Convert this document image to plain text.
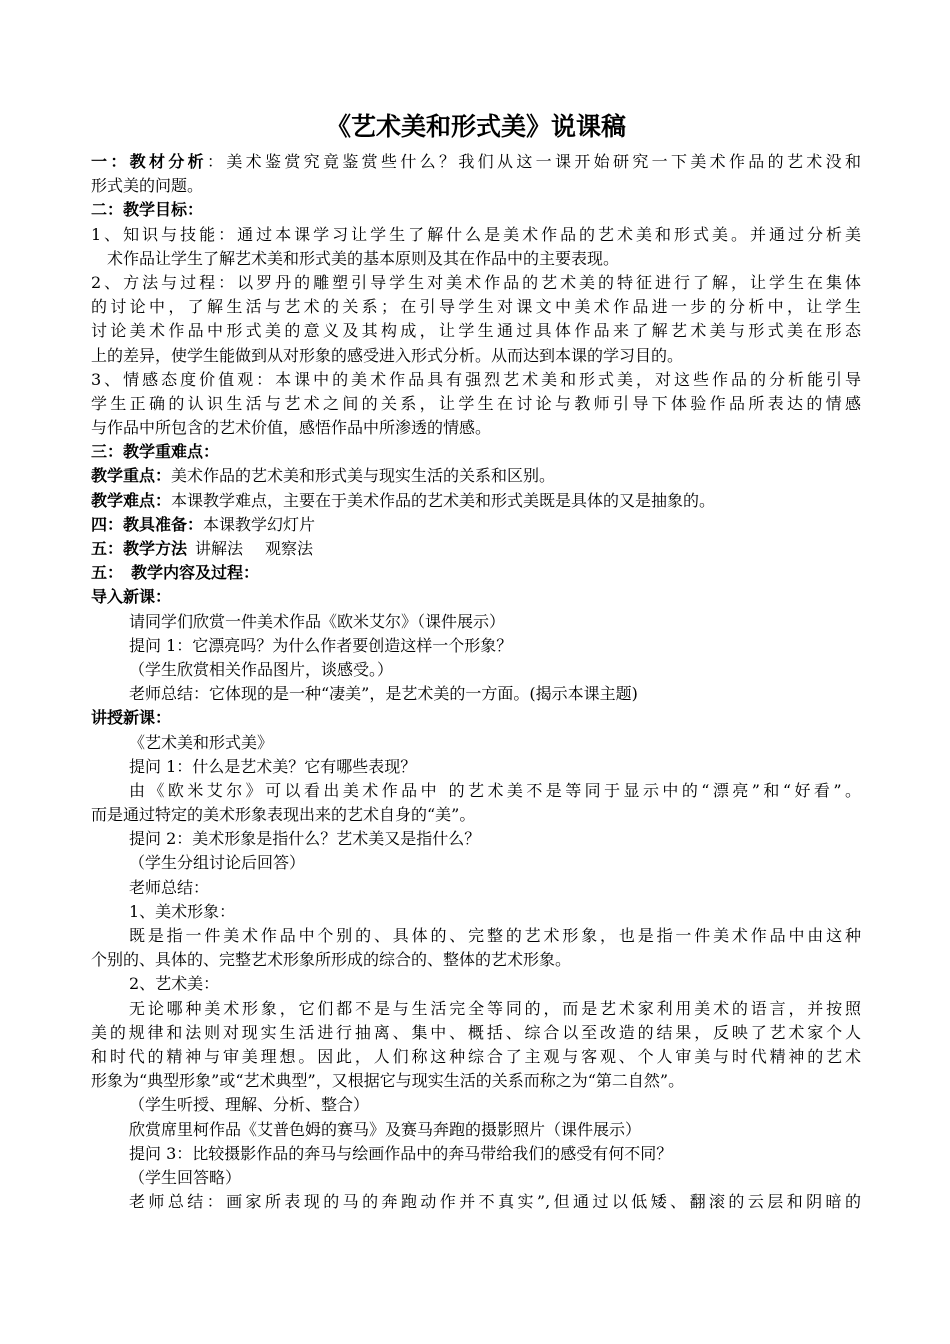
《艺术美和形式美》说课稿
一：教材分析：美术鉴赏究竟鉴赏些什么？我们从这一课开始研究一下美术作品的艺术没和
形式美的问题。
二：教学目标：
1、知识与技能：通过本课学习让学生了解什么是美术作品的艺术美和形式美。并通过分析美
术作品让学生了解艺术美和形式美的基本原则及其在作品中的主要表现。
2、方法与过程：以罗丹的雕塑引导学生对美术作品的艺术美的特征进行了解，让学生在集体
的讨论中，了解生活与艺术的关系；在引导学生对课文中美术作品进一步的分析中，让学生
讨论美术作品中形式美的意义及其构成，让学生通过具体作品来了解艺术美与形式美在形态
上的差异，使学生能做到从对形象的感受进入形式分析。从而达到本课的学习目的。
3、情感态度价值观：本课中的美术作品具有强烈艺术美和形式美，对这些作品的分析能引导
学生正确的认识生活与艺术之间的关系，让学生在讨论与教师引导下体验作品所表达的情感
与作品中所包含的艺术价值，感悟作品中所渗透的情感。
三：教学重难点：
教学重点：美术作品的艺术美和形式美与现实生活的关系和区别。
教学难点：本课教学难点，主要在于美术作品的艺术美和形式美既是具体的又是抽象的。
四：教具准备：本课教学幻灯片
五：教学方法 讲解法 观察法
五： 教学内容及过程：
导入新课：
请同学们欣赏一件美术作品《欧米艾尔》（课件展示）
提问 1：它漂亮吗？为什么作者要创造这样一个形象？
（学生欣赏相关作品图片，谈感受。）
老师总结：它体现的是一种“凄美”，是艺术美的一方面。(揭示本课主题)
讲授新课：
《艺术美和形式美》
提问 1：什么是艺术美？它有哪些表现？
由《欧米艾尔》可以看出美术作品中 的艺术美不是等同于显示中的“漂亮”和“好看”。
而是通过特定的美术形象表现出来的艺术自身的“美”。
提问 2：美术形象是指什么？艺术美又是指什么？
（学生分组讨论后回答）
老师总结：
1、美术形象：
既是指一件美术作品中个别的、具体的、完整的艺术形象，也是指一件美术作品中由这种
个别的、具体的、完整艺术形象所形成的综合的、整体的艺术形象。
2、艺术美：
无论哪种美术形象，它们都不是与生活完全等同的，而是艺术家利用美术的语言，并按照
美的规律和法则对现实生活进行抽离、集中、概括、综合以至改造的结果，反映了艺术家个人
和时代的精神与审美理想。因此，人们称这种综合了主观与客观、个人审美与时代精神的艺术
形象为“典型形象”或“艺术典型”，又根据它与现实生活的关系而称之为“第二自然”。
（学生听授、理解、分析、整合）
欣赏席里柯作品《艾普色姆的赛马》及赛马奔跑的摄影照片（课件展示）
提问 3：比较摄影作品的奔马与绘画作品中的奔马带给我们的感受有何不同？
（学生回答略）
老师总结：画家所表现的马的奔跑动作并不真实”,但通过以低矮、翻滚的云层和阴暗的
